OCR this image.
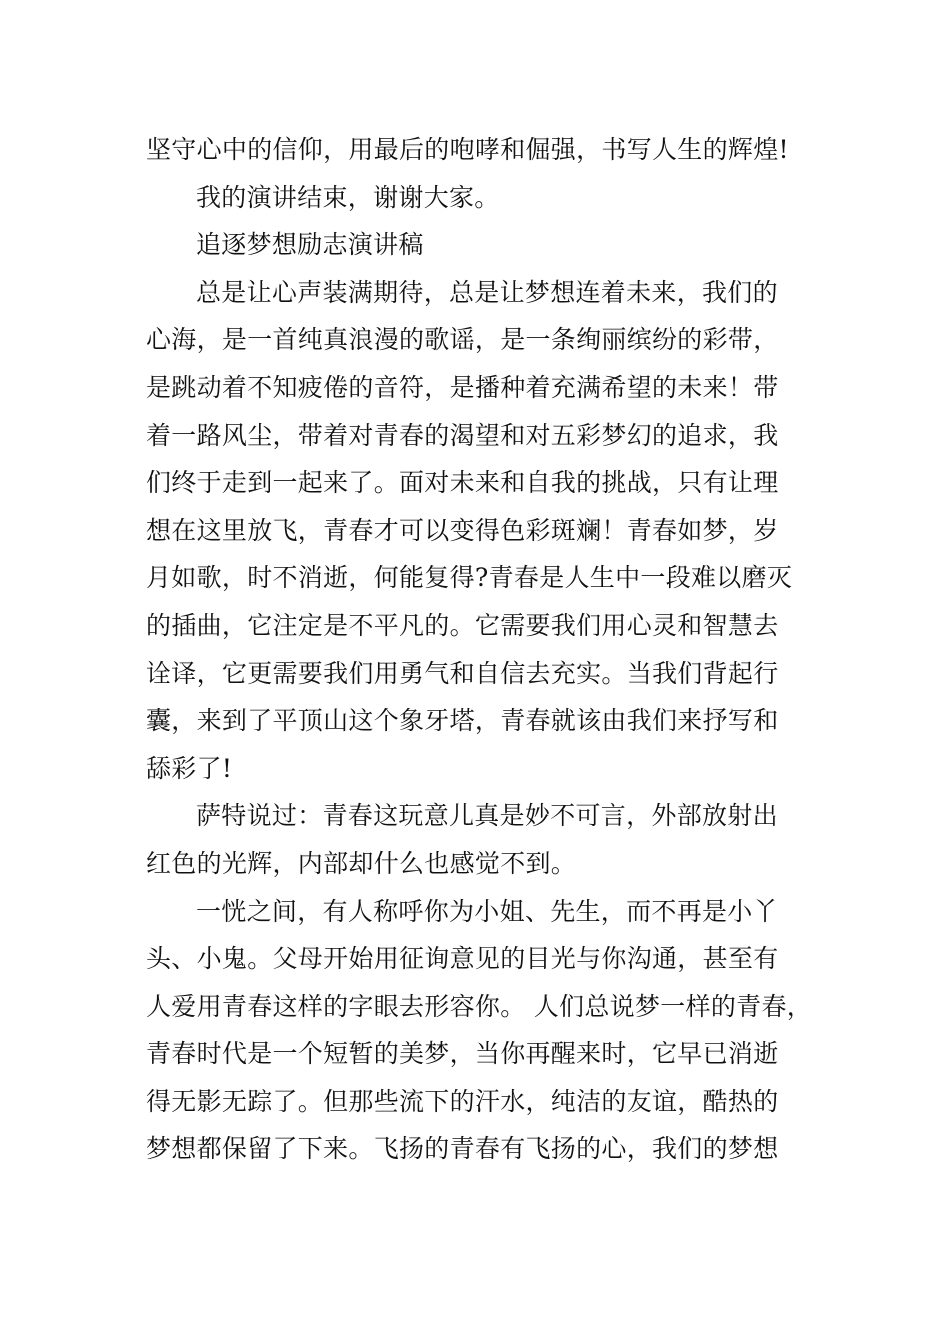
坚守心中的信仰，用最后的咆哮和倔强，书写人生的辉煌!
我的演讲结束，谢谢大家。
追逐梦想励志演讲稿
总是让心声装满期待，总是让梦想连着未来，我们的
心海，是一首纯真浪漫的歌谣，是一条绚丽缤纷的彩带，
是跳动着不知疲倦的音符，是播种着充满希望的未来！带
着一路风尘，带着对青春的渴望和对五彩梦幻的追求，我
们终于走到一起来了。面对未来和自我的挑战，只有让理
想在这里放飞，青春才可以变得色彩斑斓！青春如梦，岁
月如歌，时不消逝，何能复得?青春是人生中一段难以磨灭
的插曲，它注定是不平凡的。它需要我们用心灵和智慧去
诠译，它更需要我们用勇气和自信去充实。当我们背起行
囊，来到了平顶山这个象牙塔，青春就该由我们来抒写和
舔彩了!
萨特说过：青春这玩意儿真是妙不可言，外部放射出
红色的光辉，内部却什么也感觉不到。
一恍之间，有人称呼你为小姐、先生，而不再是小丫
头、小鬼。父母开始用征询意见的目光与你沟通，甚至有
人爱用青春这样的字眼去形容你。 人们总说梦一样的青春，
青春时代是一个短暂的美梦，当你再醒来时，它早已消逝
得无影无踪了。但那些流下的汗水，纯洁的友谊，酷热的
梦想都保留了下来。飞扬的青春有飞扬的心，我们的梦想
